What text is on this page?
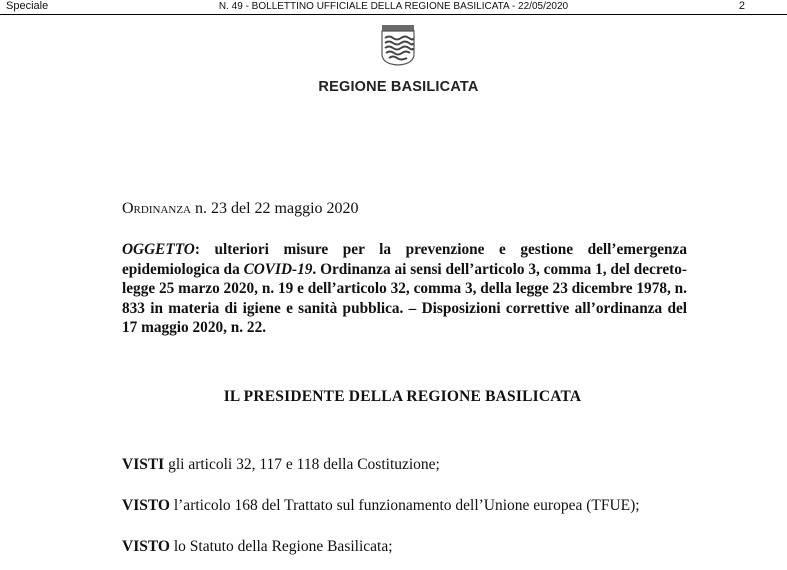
Speciale	N. 49 - BOLLETTINO UFFICIALE DELLA REGIONE BASILICATA - 22/05/2020	2
REGIONE BASILICATA
Ordinanza n. 23 del 22 maggio 2020
OGGETTO: ulteriori misure per la prevenzione e gestione dell’emergenza epidemiologica da COVID-19. Ordinanza ai sensi dell’articolo 3, comma 1, del decreto-legge 25 marzo 2020, n. 19 e dell’articolo 32, comma 3, della legge 23 dicembre 1978, n. 833 in materia di igiene e sanità pubblica. – Disposizioni correttive all’ordinanza del 17 maggio 2020, n. 22.
IL PRESIDENTE DELLA REGIONE BASILICATA
VISTI gli articoli 32, 117 e 118 della Costituzione;
VISTO l’articolo 168 del Trattato sul funzionamento dell’Unione europea (TFUE);
VISTO lo Statuto della Regione Basilicata;
